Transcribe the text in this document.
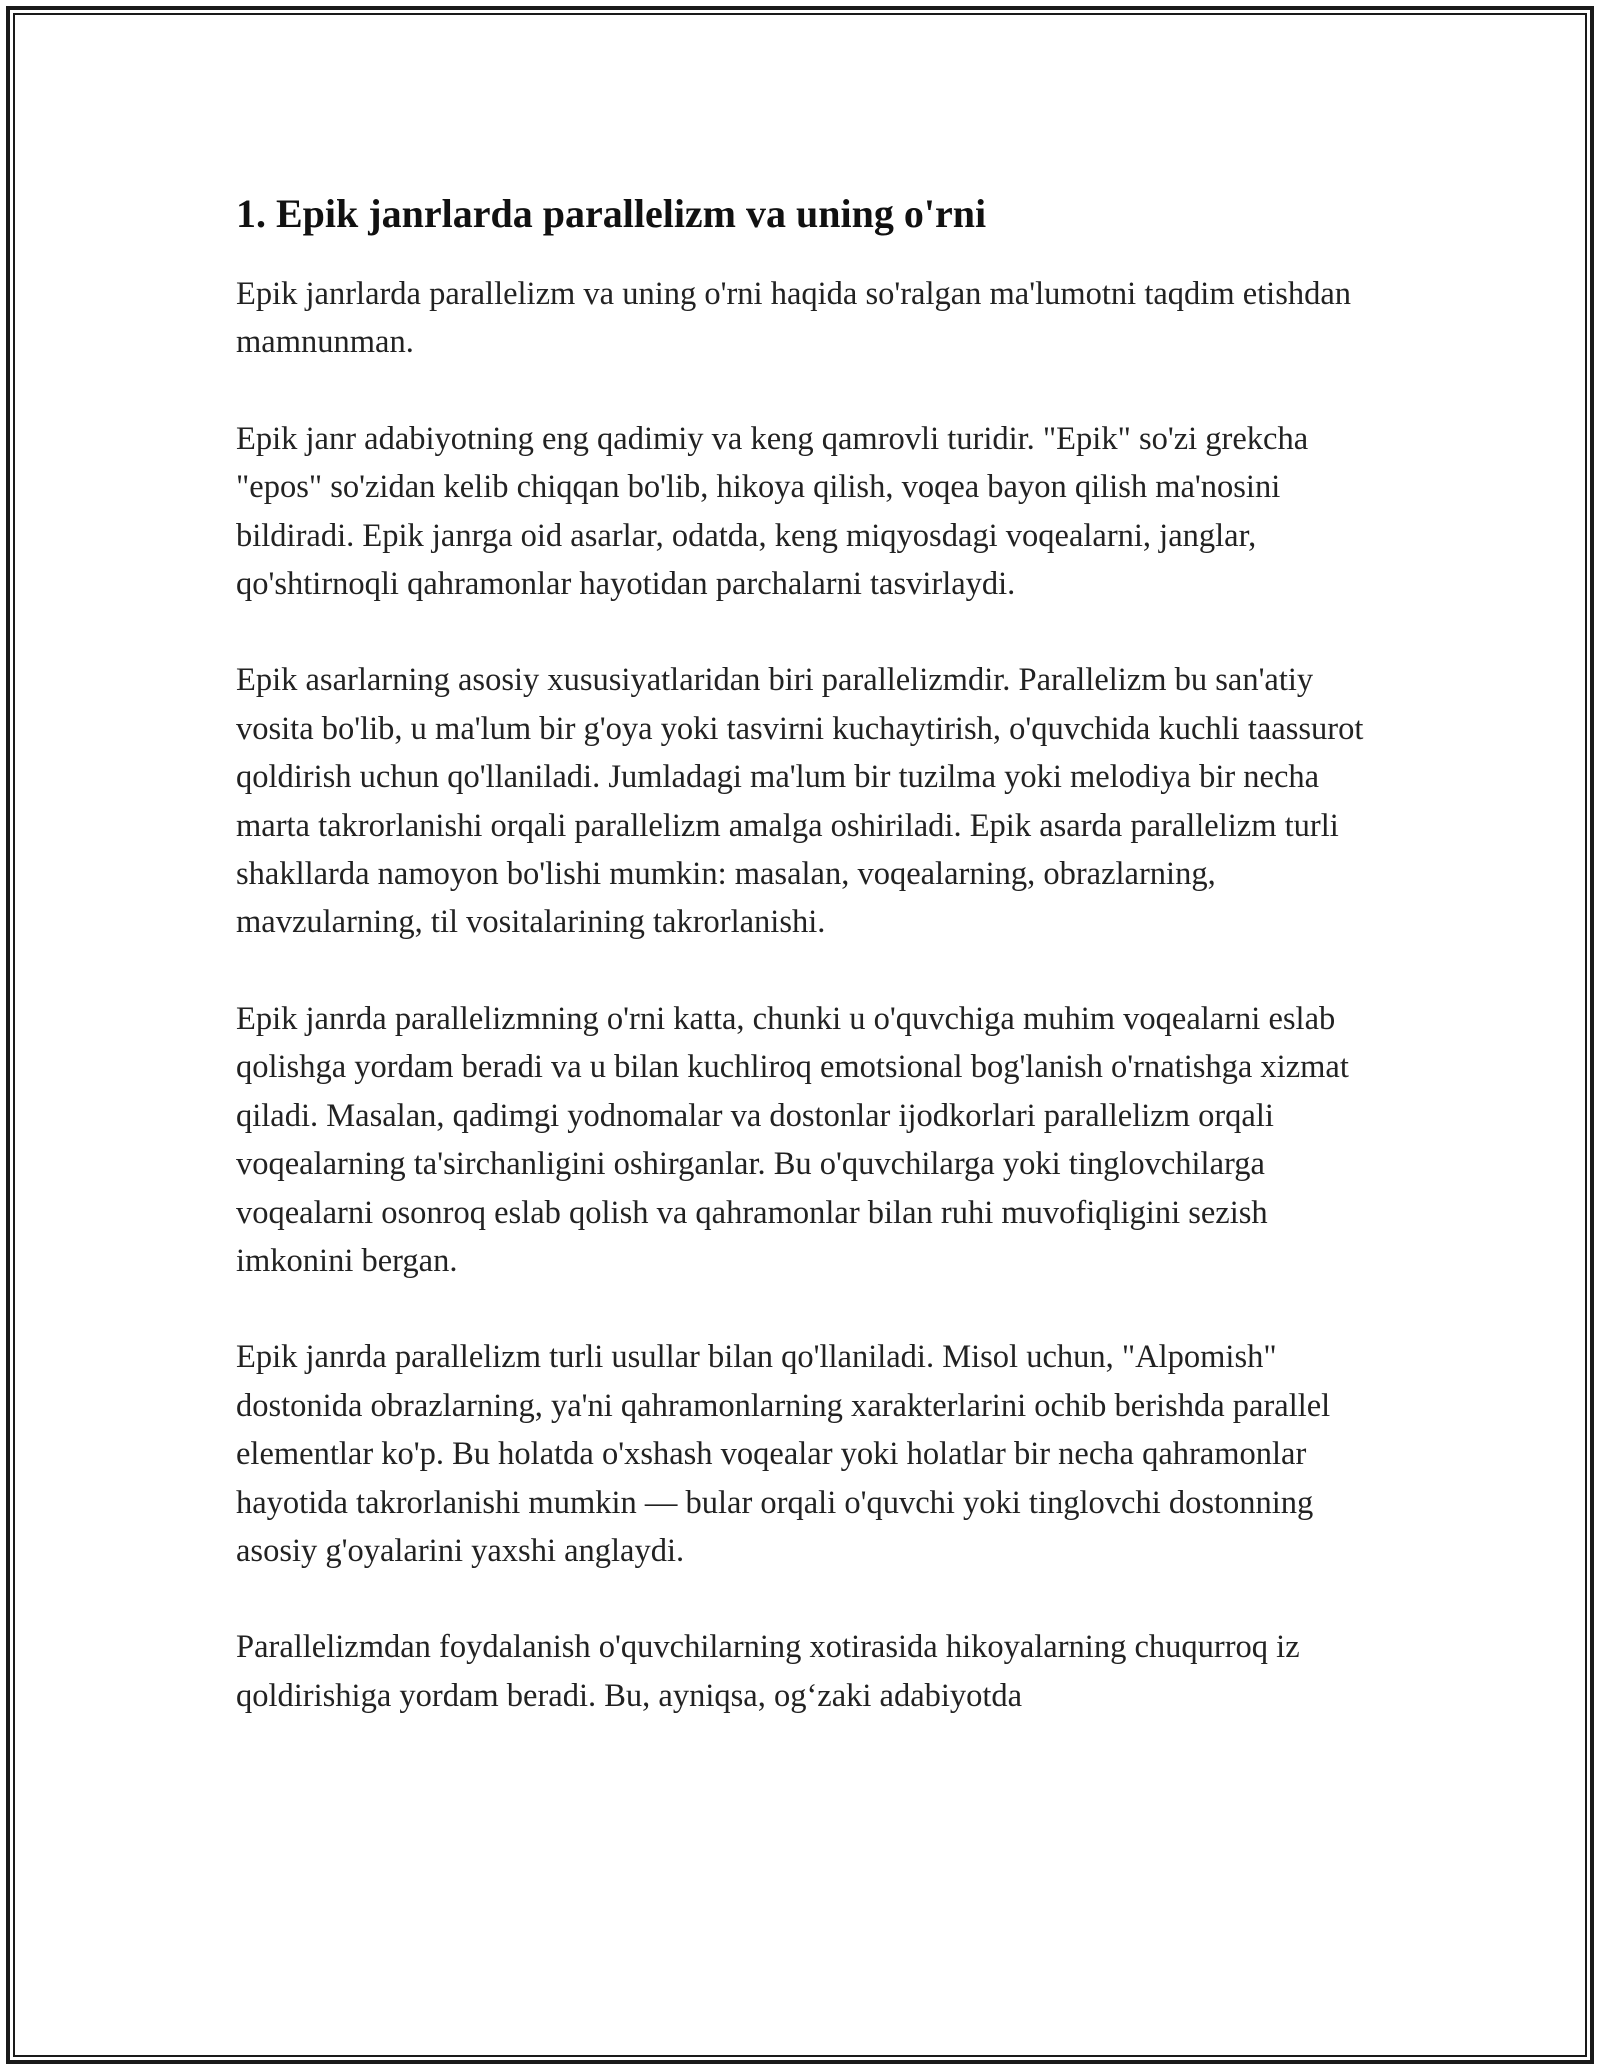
1. Epik janrlarda parallelizm va uning o'rni

Epik janrlarda parallelizm va uning o'rni haqida so'ralgan ma'lumotni taqdim etishdan mamnunman.

Epik janr adabiyotning eng qadimiy va keng qamrovli turidir. "Epik" so'zi grekcha "epos" so'zidan kelib chiqqan bo'lib, hikoya qilish, voqea bayon qilish ma'nosini bildiradi. Epik janrga oid asarlar, odatda, keng miqyosdagi voqealarni, janglar, qo'shtirnoqli qahramonlar hayotidan parchalarni tasvirlaydi.

Epik asarlarning asosiy xususiyatlaridan biri parallelizmdir. Parallelizm bu san'atiy vosita bo'lib, u ma'lum bir g'oya yoki tasvirni kuchaytirish, o'quvchida kuchli taassurot qoldirish uchun qo'llaniladi. Jumladagi ma'lum bir tuzilma yoki melodiya bir necha marta takrorlanishi orqali parallelizm amalga oshiriladi. Epik asarda parallelizm turli shakllarda namoyon bo'lishi mumkin: masalan, voqealarning, obrazlarning, mavzularning, til vositalarining takrorlanishi.

Epik janrda parallelizmning o'rni katta, chunki u o'quvchiga muhim voqealarni eslab qolishga yordam beradi va u bilan kuchliroq emotsional bog'lanish o'rnatishga xizmat qiladi. Masalan, qadimgi yodnomalar va dostonlar ijodkorlari parallelizm orqali voqealarning ta'sirchanligini oshirganlar. Bu o'quvchilarga yoki tinglovchilarga voqealarni osonroq eslab qolish va qahramonlar bilan ruhi muvofiqligini sezish imkonini bergan.

Epik janrda parallelizm turli usullar bilan qo'llaniladi. Misol uchun, "Alpomish" dostonida obrazlarning, ya'ni qahramonlarning xarakterlarini ochib berishda parallel elementlar ko'p. Bu holatda o'xshash voqealar yoki holatlar bir necha qahramonlar hayotida takrorlanishi mumkin — bular orqali o'quvchi yoki tinglovchi dostonning asosiy g'oyalarini yaxshi anglaydi.

Parallelizmdan foydalanish o'quvchilarning xotirasida hikoyalarning chuqurroq iz qoldirishiga yordam beradi. Bu, ayniqsa, og‘zaki adabiyotda
